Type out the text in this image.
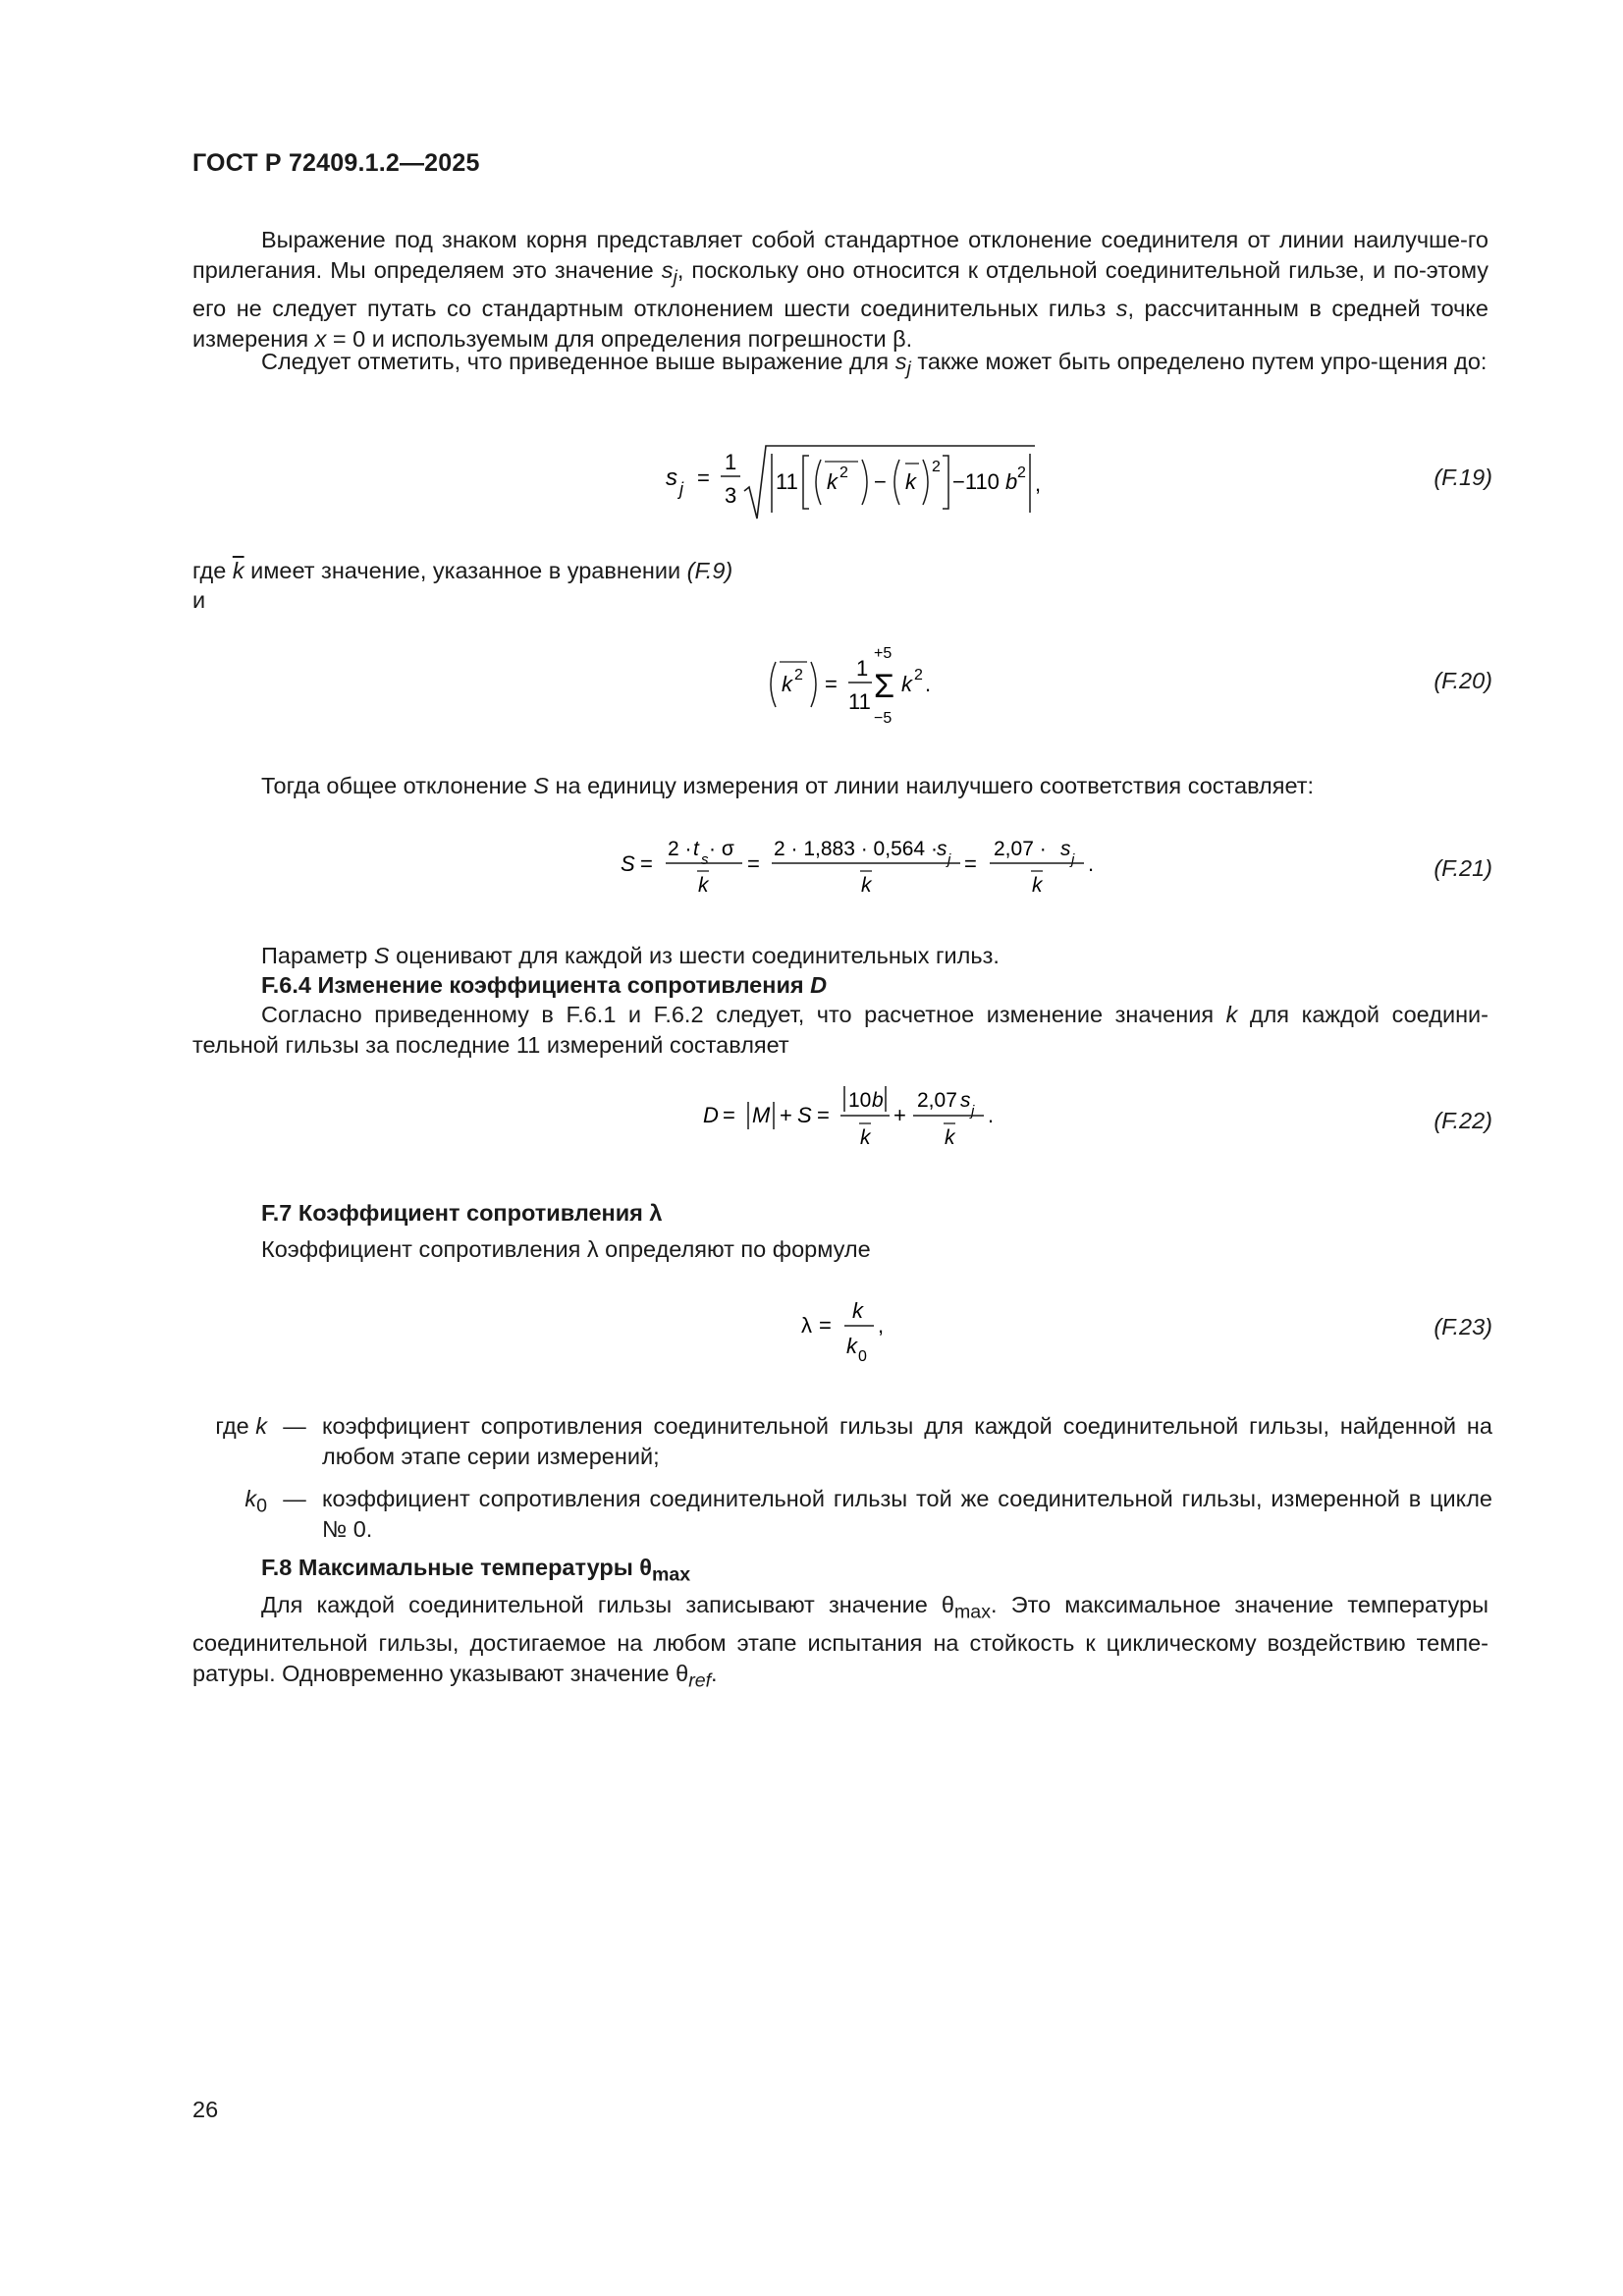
ГОСТ Р 72409.1.2—2025

Выражение под знаком корня представляет собой стандартное отклонение соединителя от линии наилучше-го прилегания. Мы определяем это значение $s_j$, поскольку оно относится к отдельной соединительной гильзе, и по-этому его не следует путать со стандартным отклонением шести соединительных гильз s, рассчитанным в средней точке измерения x = 0 и используемым для определения погрешности β.

Следует отметить, что приведенное выше выражение для $s_j$ также может быть определено путем упро-щения до:

s j =
1
3
11 k 2 − k
2
−110 b 2 ,	(F.19)

где $\overline{k}$ имеет значение, указанное в уравнении (F.9)

и

k 2 =
1
11
+5
Σ
−5
k 2 .	(F.20)

Тогда общее отклонение S на единицу измерения от линии наилучшего соответствия составляет:

S =
2 · t s · σ
k
=
2 · 1,883 · 0,564 · s j
k
=
2,07 · s j
k
.	(F.21)

Параметр S оценивают для каждой из шести соединительных гильз.

F.6.4 Изменение коэффициента сопротивления D

Согласно приведенному в F.6.1 и F.6.2 следует, что расчетное изменение значения k для каждой соедини-тельной гильзы за последние 11 измерений составляет

D = M + S =
10 b
k
+
2,07 s j
k
.	(F.22)

F.7 Коэффициент сопротивления λ

Коэффициент сопротивления λ определяют по формуле

λ =
k
k 0
,	(F.23)
где k — коэффициент сопротивления соединительной гильзы для каждой соединительной гильзы, найденной на любом этапе серии измерений;
$k_0$ — коэффициент сопротивления соединительной гильзы той же соединительной гильзы, измеренной в цикле № 0.

F.8 Максимальные температуры $\theta_{max}$

Для каждой соединительной гильзы записывают значение $\theta_{max}$. Это максимальное значение температуры соединительной гильзы, достигаемое на любом этапе испытания на стойкость к циклическому воздействию темпе-ратуры. Одновременно указывают значение $\theta_{ref}$.

26
